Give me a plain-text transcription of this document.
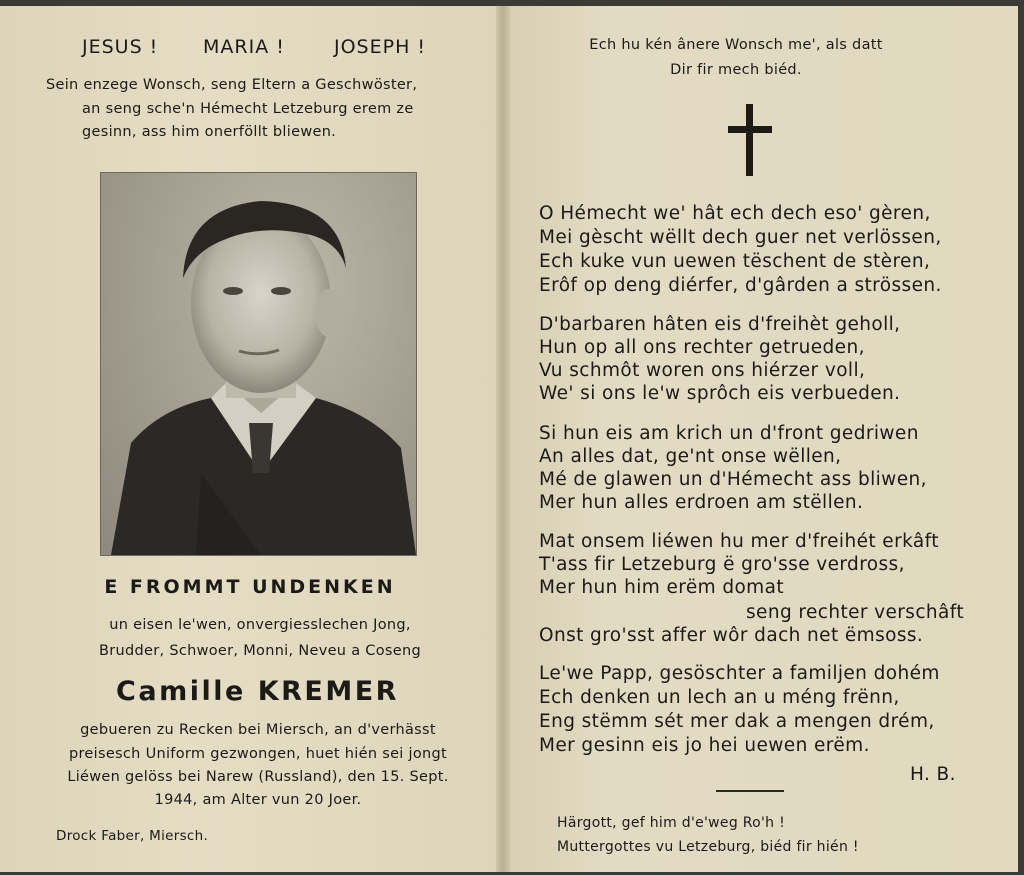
JESUS ! MARIA !	JOSEPH !
Sein enzege Wonsch, seng Eltern a Geschwöster,
an seng sche'n Hémecht Letzeburg erem ze
gesinn, ass him onerföllt bliewen.
E FROMMT UNDENKEN
un eisen le'wen, onvergiesslechen Jong,
Brudder, Schwoer, Monni, Neveu a Coseng
Camille KREMER
gebueren zu Recken bei Miersch, an d'verhässt
preisesch Uniform gezwongen, huet hién sei jongt
Liéwen gelöss bei Narew (Russland), den 15. Sept.
1944, am Alter vun 20 Joer.
Drock Faber, Miersch.
Ech hu kén ânere Wonsch me', als datt
Dir fir mech biéd.
O Hémecht we' hât ech dech eso' gèren,
Mei gèscht wëllt dech guer net verlössen,
Ech kuke vun uewen tëschent de stèren,
Erôf op deng diérfer, d'gârden a strössen.
D'barbaren hâten eis d'freihèt geholl,
Hun op all ons rechter getrueden,
Vu schmôt woren ons hiérzer voll,
We' si ons le'w sprôch eis verbueden.
Si hun eis am krich un d'front gedriwen
An alles dat, ge'nt onse wëllen,
Mé de glawen un d'Hémecht ass bliwen,
Mer hun alles erdroen am stëllen.
Mat onsem liéwen hu mer d'freihét erkâft
T'ass fir Letzeburg ë gro'sse verdross,
Mer hun him erëm domat
seng rechter verschâft
Onst gro'sst affer wôr dach net ëmsoss.
Le'we Papp, gesöschter a familjen dohém
Ech denken un lech an u méng frënn,
Eng stëmm sét mer dak a mengen drém,
Mer gesinn eis jo hei uewen erëm.
H. B.
Härgott, gef him d'e'weg Ro'h !
Muttergottes vu Letzeburg, biéd fir hién !
